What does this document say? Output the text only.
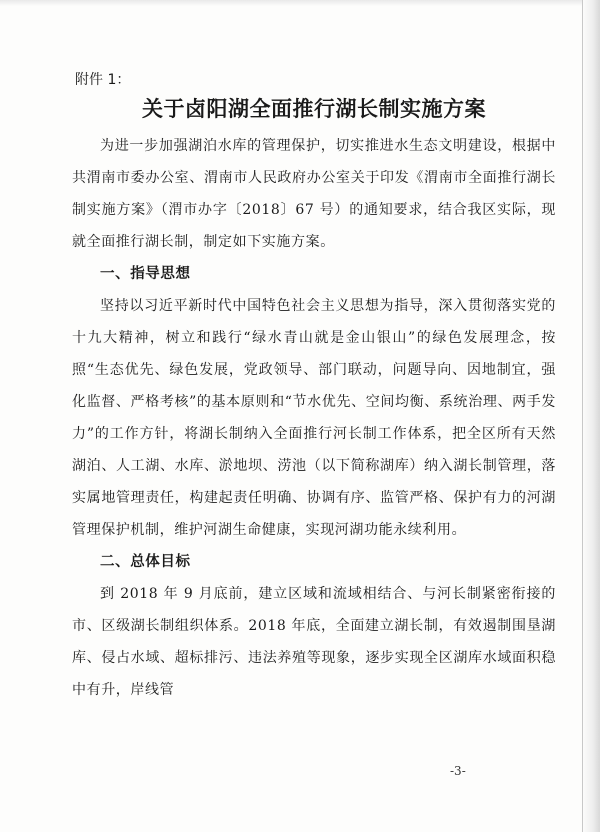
附件 1：
关于卤阳湖全面推行湖长制实施方案

为进一步加强湖泊水库的管理保护，切实推进水生态文明建设，根据中共渭南市委办公室、渭南市人民政府办公室关于印发《渭南市全面推行湖长制实施方案》（渭市办字〔2018〕67 号）的通知要求，结合我区实际，现就全面推行湖长制，制定如下实施方案。

一、指导思想

坚持以习近平新时代中国特色社会主义思想为指导，深入贯彻落实党的十九大精神，树立和践行“绿水青山就是金山银山”的绿色发展理念，按照“生态优先、绿色发展，党政领导、部门联动，问题导向、因地制宜，强化监督、严格考核”的基本原则和“节水优先、空间均衡、系统治理、两手发力”的工作方针，将湖长制纳入全面推行河长制工作体系，把全区所有天然湖泊、人工湖、水库、淤地坝、涝池（以下简称湖库）纳入湖长制管理，落实属地管理责任，构建起责任明确、协调有序、监管严格、保护有力的河湖管理保护机制，维护河湖生命健康，实现河湖功能永续利用。

二、总体目标

到 2018 年 9 月底前，建立区域和流域相结合、与河长制紧密衔接的市、区级湖长制组织体系。2018 年底，全面建立湖长制，有效遏制围垦湖库、侵占水域、超标排污、违法养殖等现象，逐步实现全区湖库水域面积稳中有升，岸线管

-3-
